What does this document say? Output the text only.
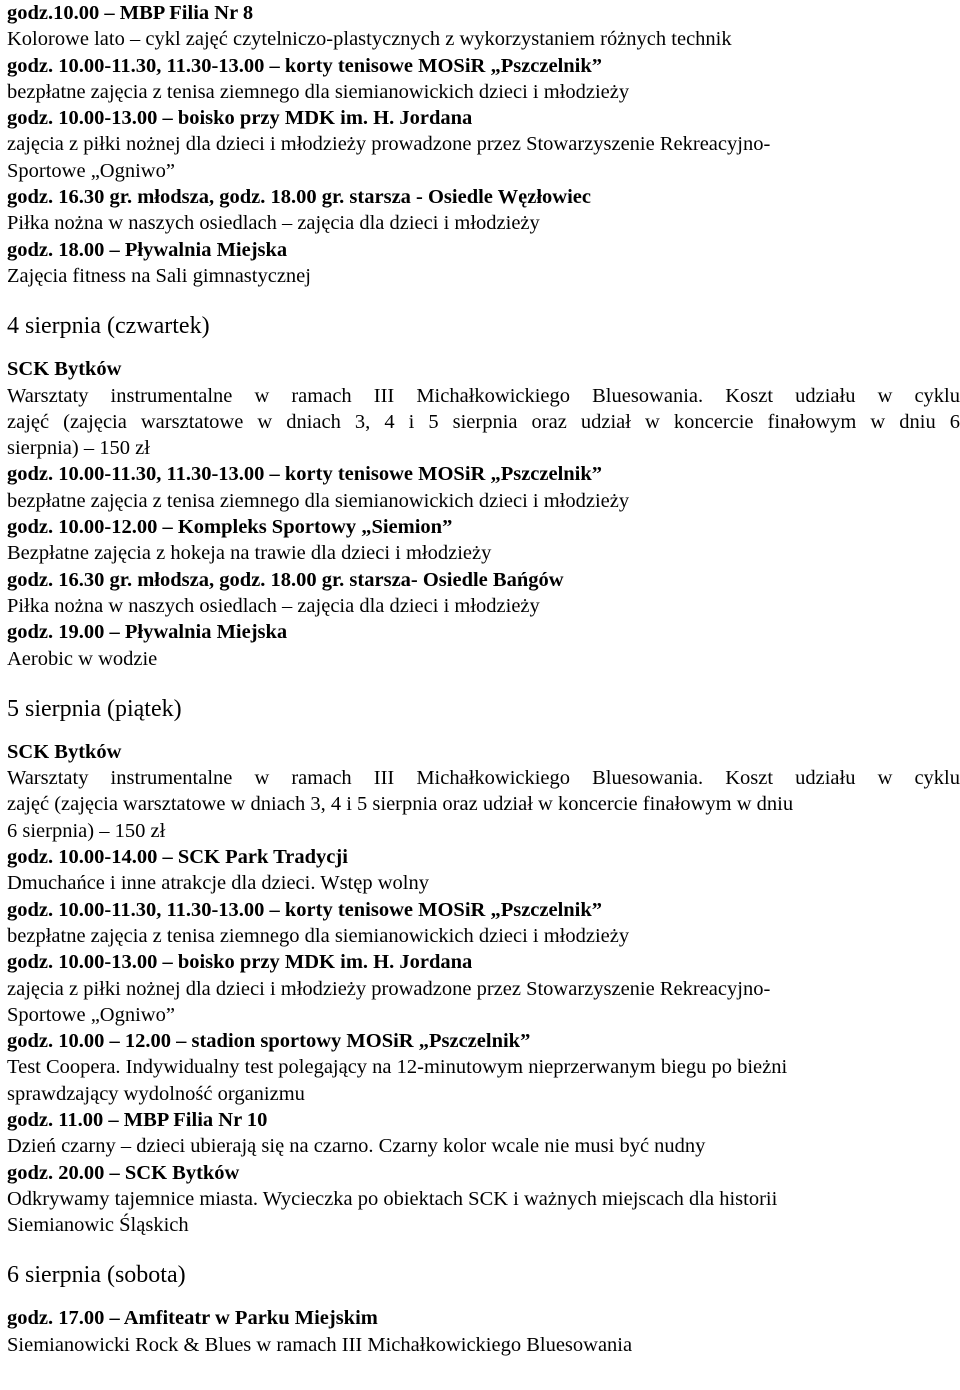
godz.10.00 – MBP Filia Nr 8
Kolorowe lato – cykl zajęć czytelniczo-plastycznych z wykorzystaniem różnych technik
godz. 10.00-11.30, 11.30-13.00 – korty tenisowe MOSiR „Pszczelnik”
bezpłatne zajęcia z tenisa ziemnego dla siemianowickich dzieci i młodzieży
godz. 10.00-13.00 – boisko przy MDK im. H. Jordana
zajęcia z piłki nożnej dla dzieci i młodzieży prowadzone przez Stowarzyszenie Rekreacyjno-
Sportowe „Ogniwo”
godz. 16.30 gr. młodsza, godz. 18.00 gr. starsza - Osiedle Węzłowiec
Piłka nożna w naszych osiedlach – zajęcia dla dzieci i młodzieży
godz. 18.00 – Pływalnia Miejska
Zajęcia fitness na Sali gimnastycznej
4 sierpnia (czwartek)
SCK Bytków
Warsztaty instrumentalne w ramach III Michałkowickiego Bluesowania. Koszt udziału w cyklu
zajęć (zajęcia warsztatowe w dniach 3, 4 i 5 sierpnia oraz udział w koncercie finałowym w dniu 6
sierpnia) – 150 zł
godz. 10.00-11.30, 11.30-13.00 – korty tenisowe MOSiR „Pszczelnik”
bezpłatne zajęcia z tenisa ziemnego dla siemianowickich dzieci i młodzieży
godz. 10.00-12.00 – Kompleks Sportowy „Siemion”
Bezpłatne zajęcia z hokeja na trawie dla dzieci i młodzieży
godz. 16.30 gr. młodsza, godz. 18.00 gr. starsza- Osiedle Bańgów
Piłka nożna w naszych osiedlach – zajęcia dla dzieci i młodzieży
godz. 19.00 – Pływalnia Miejska
Aerobic w wodzie
5 sierpnia (piątek)
SCK Bytków
Warsztaty instrumentalne w ramach III Michałkowickiego Bluesowania. Koszt udziału w cyklu
zajęć (zajęcia warsztatowe w dniach 3, 4 i 5 sierpnia oraz udział w koncercie finałowym w dniu
6 sierpnia) – 150 zł
godz. 10.00-14.00 – SCK Park Tradycji
Dmuchańce i inne atrakcje dla dzieci. Wstęp wolny
godz. 10.00-11.30, 11.30-13.00 – korty tenisowe MOSiR „Pszczelnik”
bezpłatne zajęcia z tenisa ziemnego dla siemianowickich dzieci i młodzieży
godz. 10.00-13.00 – boisko przy MDK im. H. Jordana
zajęcia z piłki nożnej dla dzieci i młodzieży prowadzone przez Stowarzyszenie Rekreacyjno-
Sportowe „Ogniwo”
godz. 10.00 – 12.00 – stadion sportowy MOSiR „Pszczelnik”
Test Coopera. Indywidualny test polegający na 12-minutowym nieprzerwanym biegu po bieżni
sprawdzający wydolność organizmu
godz. 11.00 – MBP Filia Nr 10
Dzień czarny – dzieci ubierają się na czarno. Czarny kolor wcale nie musi być nudny
godz. 20.00 – SCK Bytków
Odkrywamy tajemnice miasta. Wycieczka po obiektach SCK i ważnych miejscach dla historii
Siemianowic Śląskich
6 sierpnia (sobota)
godz. 17.00 – Amfiteatr w Parku Miejskim
Siemianowicki Rock & Blues w ramach III Michałkowickiego Bluesowania
